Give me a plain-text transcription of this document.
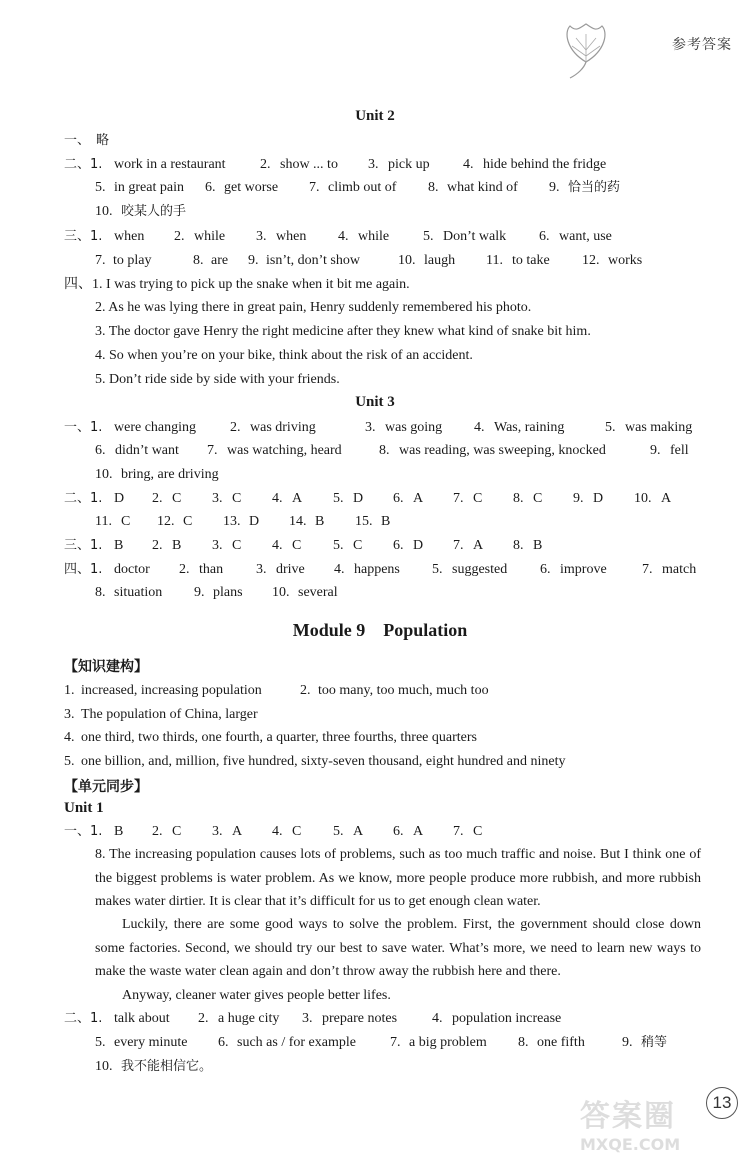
参考答案
Unit 2
一、 略
二、1. work in a restaurant 2. show ... to 3. pick up 4. hide behind the fridge
5. in great pain 6. get worse 7. climb out of 8. what kind of 9. 恰当的药
10. 咬某人的手
三、1. when 2. while 3. when 4. while 5. Don’t walk 6. want, use
7. to play	8. are 9. isn’t, don’t show	10. laugh 11. to take 12. works
四、1. I was trying to pick up the snake when it bit me again.
2. As he was lying there in great pain, Henry suddenly remembered his photo.
3. The doctor gave Henry the right medicine after they knew what kind of snake bit him.
4. So when you’re on your bike, think about the risk of an accident.
5. Don’t ride side by side with your friends.
Unit 3
一、1. were changing 2. was driving	3. was going 4. Was, raining	5. was making
6. didn’t want 7. was watching, heard	8. was reading, was sweeping, knocked	9. fell
10. bring, are driving
二、1. D 2. C 3. C 4. A 5. D 6. A 7. C 8. C 9. D 10. A
11. C 12. C 13. D 14. B 15. B
三、1. B 2. B 3. C 4. C 5. C 6. D 7. A 8. B
四、1. doctor 2. than 3. drive 4. happens 5. suggested 6. improve	7. match
8. situation 9. plans 10. several
Module 9    Population
【知识建构】
1. increased, increasing population	2. too many, too much, much too
3. The population of China, larger
4. one third, two thirds, one fourth, a quarter, three fourths, three quarters
5. one billion, and, million, five hundred, sixty-seven thousand, eight hundred and ninety
【单元同步】
Unit 1
一、1. B 2. C 3. A 4. C 5. A 6. A 7. C
8. The increasing population causes lots of problems, such as too much traffic and noise. But I think one of the biggest problems is water problem. As we know, more people produce more rubbish, and more rubbish makes water dirtier. It is clear that it’s difficult for us to get enough clean water.
Luckily, there are some good ways to solve the problem. First, the government should close down some factories. Second, we should try our best to save water. What’s more, we need to learn new ways to make the waste water clean again and don’t throw away the rubbish here and there.
Anyway, cleaner water gives people better lifes.
二、1. talk about 2. a huge city 3. prepare notes 4. population increase
5. every minute 6. such as / for example 7. a big problem 8. one fifth	9. 稍等
10. 我不能相信它。
答案圈
MXQE.COM
13
